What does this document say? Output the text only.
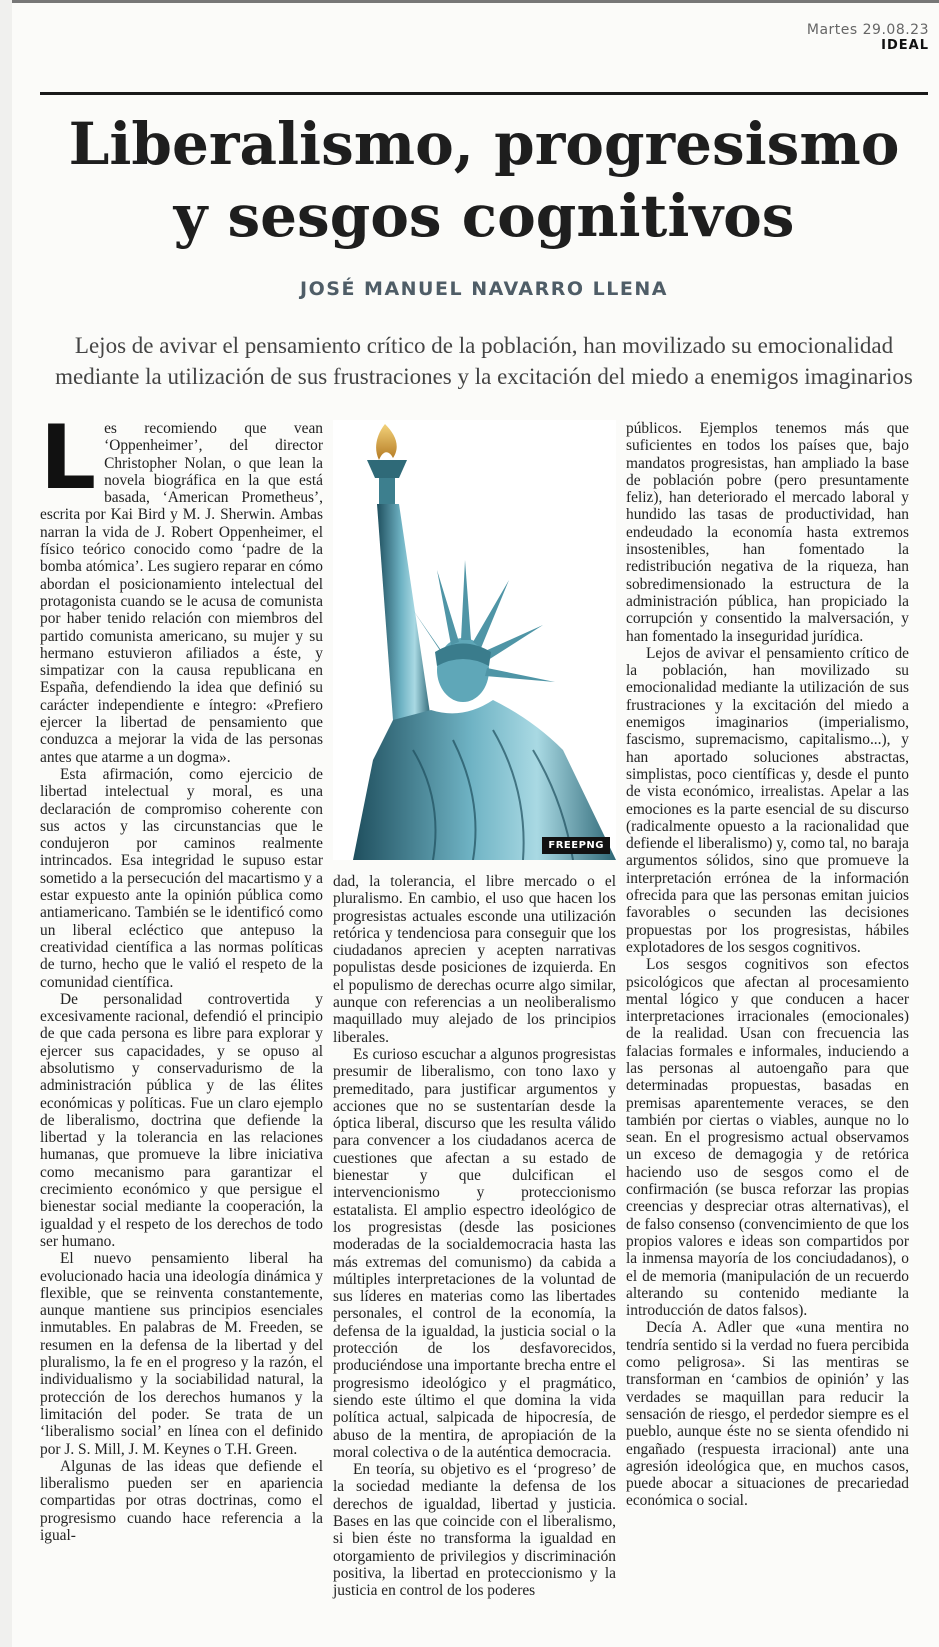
Martes 29.08.23
IDEAL
Liberalismo, progresismo
y sesgos cognitivos
JOSÉ MANUEL NAVARRO LLENA
Lejos de avivar el pensamiento crítico de la población, han movilizado su emocionalidad mediante la utilización de sus frustraciones y la excitación del miedo a enemigos imaginarios

Les recomiendo que vean ‘Oppenheimer’, del director Christopher Nolan, o que lean la novela biográfica en la que está basada, ‘American Prometheus’, escrita por Kai Bird y M. J. Sherwin. Ambas narran la vida de J. Robert Oppenheimer, el físico teórico conocido como ‘padre de la bomba atómica’. Les sugiero reparar en cómo abordan el posicionamiento intelectual del protagonista cuando se le acusa de comunista por haber tenido relación con miembros del partido comunista americano, su mujer y su hermano estuvieron afiliados a éste, y simpatizar con la causa republicana en España, defendiendo la idea que definió su carácter independiente e íntegro: «Prefiero ejercer la libertad de pensamiento que conduzca a mejorar la vida de las personas antes que atarme a un dogma».

Esta afirmación, como ejercicio de libertad intelectual y moral, es una declaración de compromiso coherente con sus actos y las circunstancias que le condujeron por caminos realmente intrincados. Esa integridad le supuso estar sometido a la persecución del macartismo y a estar expuesto ante la opinión pública como antiamericano. También se le identificó como un liberal ecléctico que antepuso la creatividad científica a las normas políticas de turno, hecho que le valió el respeto de la comunidad científica.

De personalidad controvertida y excesivamente racional, defendió el principio de que cada persona es libre para explorar y ejercer sus capacidades, y se opuso al absolutismo y conservadurismo de la administración pública y de las élites económicas y políticas. Fue un claro ejemplo de liberalismo, doctrina que defiende la libertad y la tolerancia en las relaciones humanas, que promueve la libre iniciativa como mecanismo para garantizar el crecimiento económico y que persigue el bienestar social mediante la cooperación, la igualdad y el respeto de los derechos de todo ser humano.

El nuevo pensamiento liberal ha evolucionado hacia una ideología dinámica y flexible, que se reinventa constantemente, aunque mantiene sus principios esenciales inmutables. En palabras de M. Freeden, se resumen en la defensa de la libertad y del pluralismo, la fe en el progreso y la razón, el individualismo y la sociabilidad natural, la protección de los derechos humanos y la limitación del poder. Se trata de un ‘liberalismo social’ en línea con el definido por J. S. Mill, J. M. Keynes o T.H. Green.

Algunas de las ideas que defiende el liberalismo pueden ser en apariencia compartidas por otras doctrinas, como el progresismo cuando hace referencia a la igual-

FREEPNG

dad, la tolerancia, el libre mercado o el pluralismo. En cambio, el uso que hacen los progresistas actuales esconde una utilización retórica y tendenciosa para conseguir que los ciudadanos aprecien y acepten narrativas populistas desde posiciones de izquierda. En el populismo de derechas ocurre algo similar, aunque con referencias a un neoliberalismo maquillado muy alejado de los principios liberales.

Es curioso escuchar a algunos progresistas presumir de liberalismo, con tono laxo y premeditado, para justificar argumentos y acciones que no se sustentarían desde la óptica liberal, discurso que les resulta válido para convencer a los ciudadanos acerca de cuestiones que afectan a su estado de bienestar y que dulcifican el intervencionismo y proteccionismo estatalista. El amplio espectro ideológico de los progresistas (desde las posiciones moderadas de la socialdemocracia hasta las más extremas del comunismo) da cabida a múltiples interpretaciones de la voluntad de sus líderes en materias como las libertades personales, el control de la economía, la defensa de la igualdad, la justicia social o la protección de los desfavorecidos, produciéndose una importante brecha entre el progresismo ideológico y el pragmático, siendo este último el que domina la vida política actual, salpicada de hipocresía, de abuso de la mentira, de apropiación de la moral colectiva o de la auténtica democracia.

En teoría, su objetivo es el ‘progreso’ de la sociedad mediante la defensa de los derechos de igualdad, libertad y justicia. Bases en las que coincide con el liberalismo, si bien éste no transforma la igualdad en otorgamiento de privilegios y discriminación positiva, la libertad en proteccionismo y la justicia en control de los poderes

públicos. Ejemplos tenemos más que suficientes en todos los países que, bajo mandatos progresistas, han ampliado la base de población pobre (pero presuntamente feliz), han deteriorado el mercado laboral y hundido las tasas de productividad, han endeudado la economía hasta extremos insostenibles, han fomentado la redistribución negativa de la riqueza, han sobredimensionado la estructura de la administración pública, han propiciado la corrupción y consentido la malversación, y han fomentado la inseguridad jurídica.

Lejos de avivar el pensamiento crítico de la población, han movilizado su emocionalidad mediante la utilización de sus frustraciones y la excitación del miedo a enemigos imaginarios (imperialismo, fascismo, supremacismo, capitalismo...), y han aportado soluciones abstractas, simplistas, poco científicas y, desde el punto de vista económico, irrealistas. Apelar a las emociones es la parte esencial de su discurso (radicalmente opuesto a la racionalidad que defiende el liberalismo) y, como tal, no baraja argumentos sólidos, sino que promueve la interpretación errónea de la información ofrecida para que las personas emitan juicios favorables o secunden las decisiones propuestas por los progresistas, hábiles explotadores de los sesgos cognitivos.

Los sesgos cognitivos son efectos psicológicos que afectan al procesamiento mental lógico y que conducen a hacer interpretaciones irracionales (emocionales) de la realidad. Usan con frecuencia las falacias formales e informales, induciendo a las personas al autoengaño para que determinadas propuestas, basadas en premisas aparentemente veraces, se den también por ciertas o viables, aunque no lo sean. En el progresismo actual observamos un exceso de demagogia y de retórica haciendo uso de sesgos como el de confirmación (se busca reforzar las propias creencias y despreciar otras alternativas), el de falso consenso (convencimiento de que los propios valores e ideas son compartidos por la inmensa mayoría de los conciudadanos), o el de memoria (manipulación de un recuerdo alterando su contenido mediante la introducción de datos falsos).

Decía A. Adler que «una mentira no tendría sentido si la verdad no fuera percibida como peligrosa». Si las mentiras se transforman en ‘cambios de opinión’ y las verdades se maquillan para reducir la sensación de riesgo, el perdedor siempre es el pueblo, aunque éste no se sienta ofendido ni engañado (respuesta irracional) ante una agresión ideológica que, en muchos casos, puede abocar a situaciones de precariedad económica o social.
